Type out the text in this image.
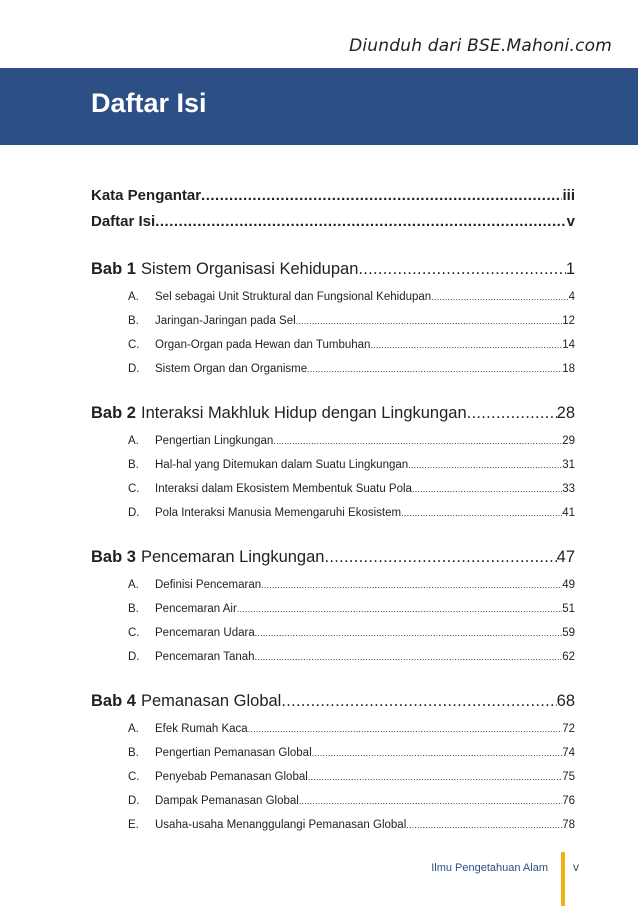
Diunduh dari BSE.Mahoni.com
Daftar Isi
Kata Pengantar .....	iii
Daftar Isi .....	v
Bab 1 Sistem Organisasi Kehidupan .....	1
A.	Sel sebagai Unit Struktural dan Fungsional Kehidupan .....	4
B.	Jaringan-Jaringan pada Sel .....	12
C.	Organ-Organ pada Hewan dan Tumbuhan .....	14
D.	Sistem Organ dan Organisme .....	18
Bab 2 Interaksi Makhluk Hidup dengan Lingkungan .....	28
A.	Pengertian Lingkungan .....	29
B.	Hal-hal yang Ditemukan dalam Suatu Lingkungan .....	31
C.	Interaksi dalam Ekosistem Membentuk Suatu Pola .....	33
D.	Pola Interaksi Manusia Memengaruhi Ekosistem .....	41
Bab 3 Pencemaran Lingkungan .....	47
A.	Definisi Pencemaran .....	49
B.	Pencemaran Air .....	51
C.	Pencemaran Udara .....	59
D.	Pencemaran Tanah .....	62
Bab 4 Pemanasan Global .....	68
A.	Efek Rumah Kaca .....	72
B.	Pengertian Pemanasan Global .....	74
C.	Penyebab Pemanasan Global .....	75
D.	Dampak Pemanasan Global .....	76
E.	Usaha-usaha Menanggulangi Pemanasan Global .....	78
Ilmu Pengetahuan Alam v
